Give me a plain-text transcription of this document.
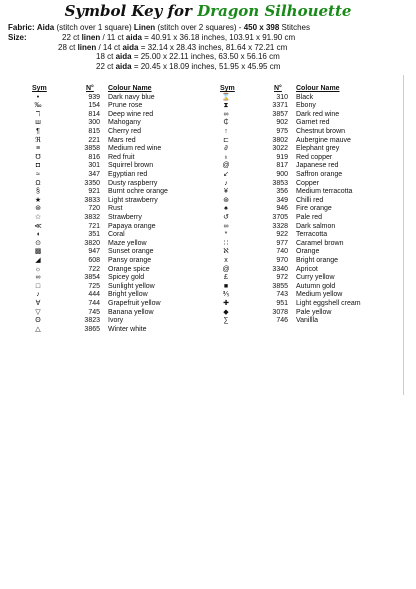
Symbol Key for Dragon Silhouette
Fabric: Aida (stitch over 1 square) Linen (stitch over 2 squares) - 450 x 398 Stitches
Size:	22 ct linen / 11 ct aida = 40.91 x 36.18 inches, 103.91 x 91.90 cm
28 ct linen / 14 ct aida = 32.14 x 28.43 inches, 81.64 x 72.21 cm
18 ct aida = 25.00 x 22.11 inches, 63.50 x 56.16 cm
22 ct aida = 20.45 x 18.09 inches, 51.95 x 45.95 cm
Sym	N° Colour Name
•	939 Dark navy blue
‰	154 Prune rose
ℸ	814 Deep wine red
ш	300 Mahogany
¶	815 Cherry red
ℜ	221 Mars red
≡	3858 Medium red wine
℧	816 Red fruit
◘	301 Squirrel brown
≈	347 Egyptian red
Ω	3350 Dusty raspberry
§	921 Burnt ochre orange
★	3833 Light strawberry
⊛	720 Rust
☆	3832 Strawberry
≪	721 Papaya orange
◖	351 Coral
⊙	3820 Maze yellow
▩	947 Sunset orange
◢	608 Pansy orange
☼	722 Orange spice
∞	3854 Spicey gold
□	725 Sunlight yellow
♪	444 Bright yellow
∀	744 Grapefruit yellow
▽	745 Banana yellow
ʘ	3823 Ivory
△	3865 Winter white
Sym	N° Colour Name
⌛	310 Black
⧗	3371 Ebony
∞	3857 Dark red wine
₵	902 Garnet red
↑	975 Chestnut brown
⊏	3802 Aubergine mauve
∂	3022 Elephant grey
♁	919 Red copper
@	817 Japanese red
↙	900 Saffron orange
♪	3853 Copper
¥	356 Medium terracotta
⊛	349 Chilli red
♠	946 Fire orange
↺	3705 Pale red
∞	3328 Dark salmon
*	922 Terracotta
∷	977 Caramel brown
ℵ	740 Orange
x	970 Bright orange
@	3340 Apricot
£	972 Curry yellow
■	3855 Autumn gold
⅗	743 Medium yellow
✚	951 Light eggshell cream
◆	3078 Pale yellow
∑	746 Vanillla
